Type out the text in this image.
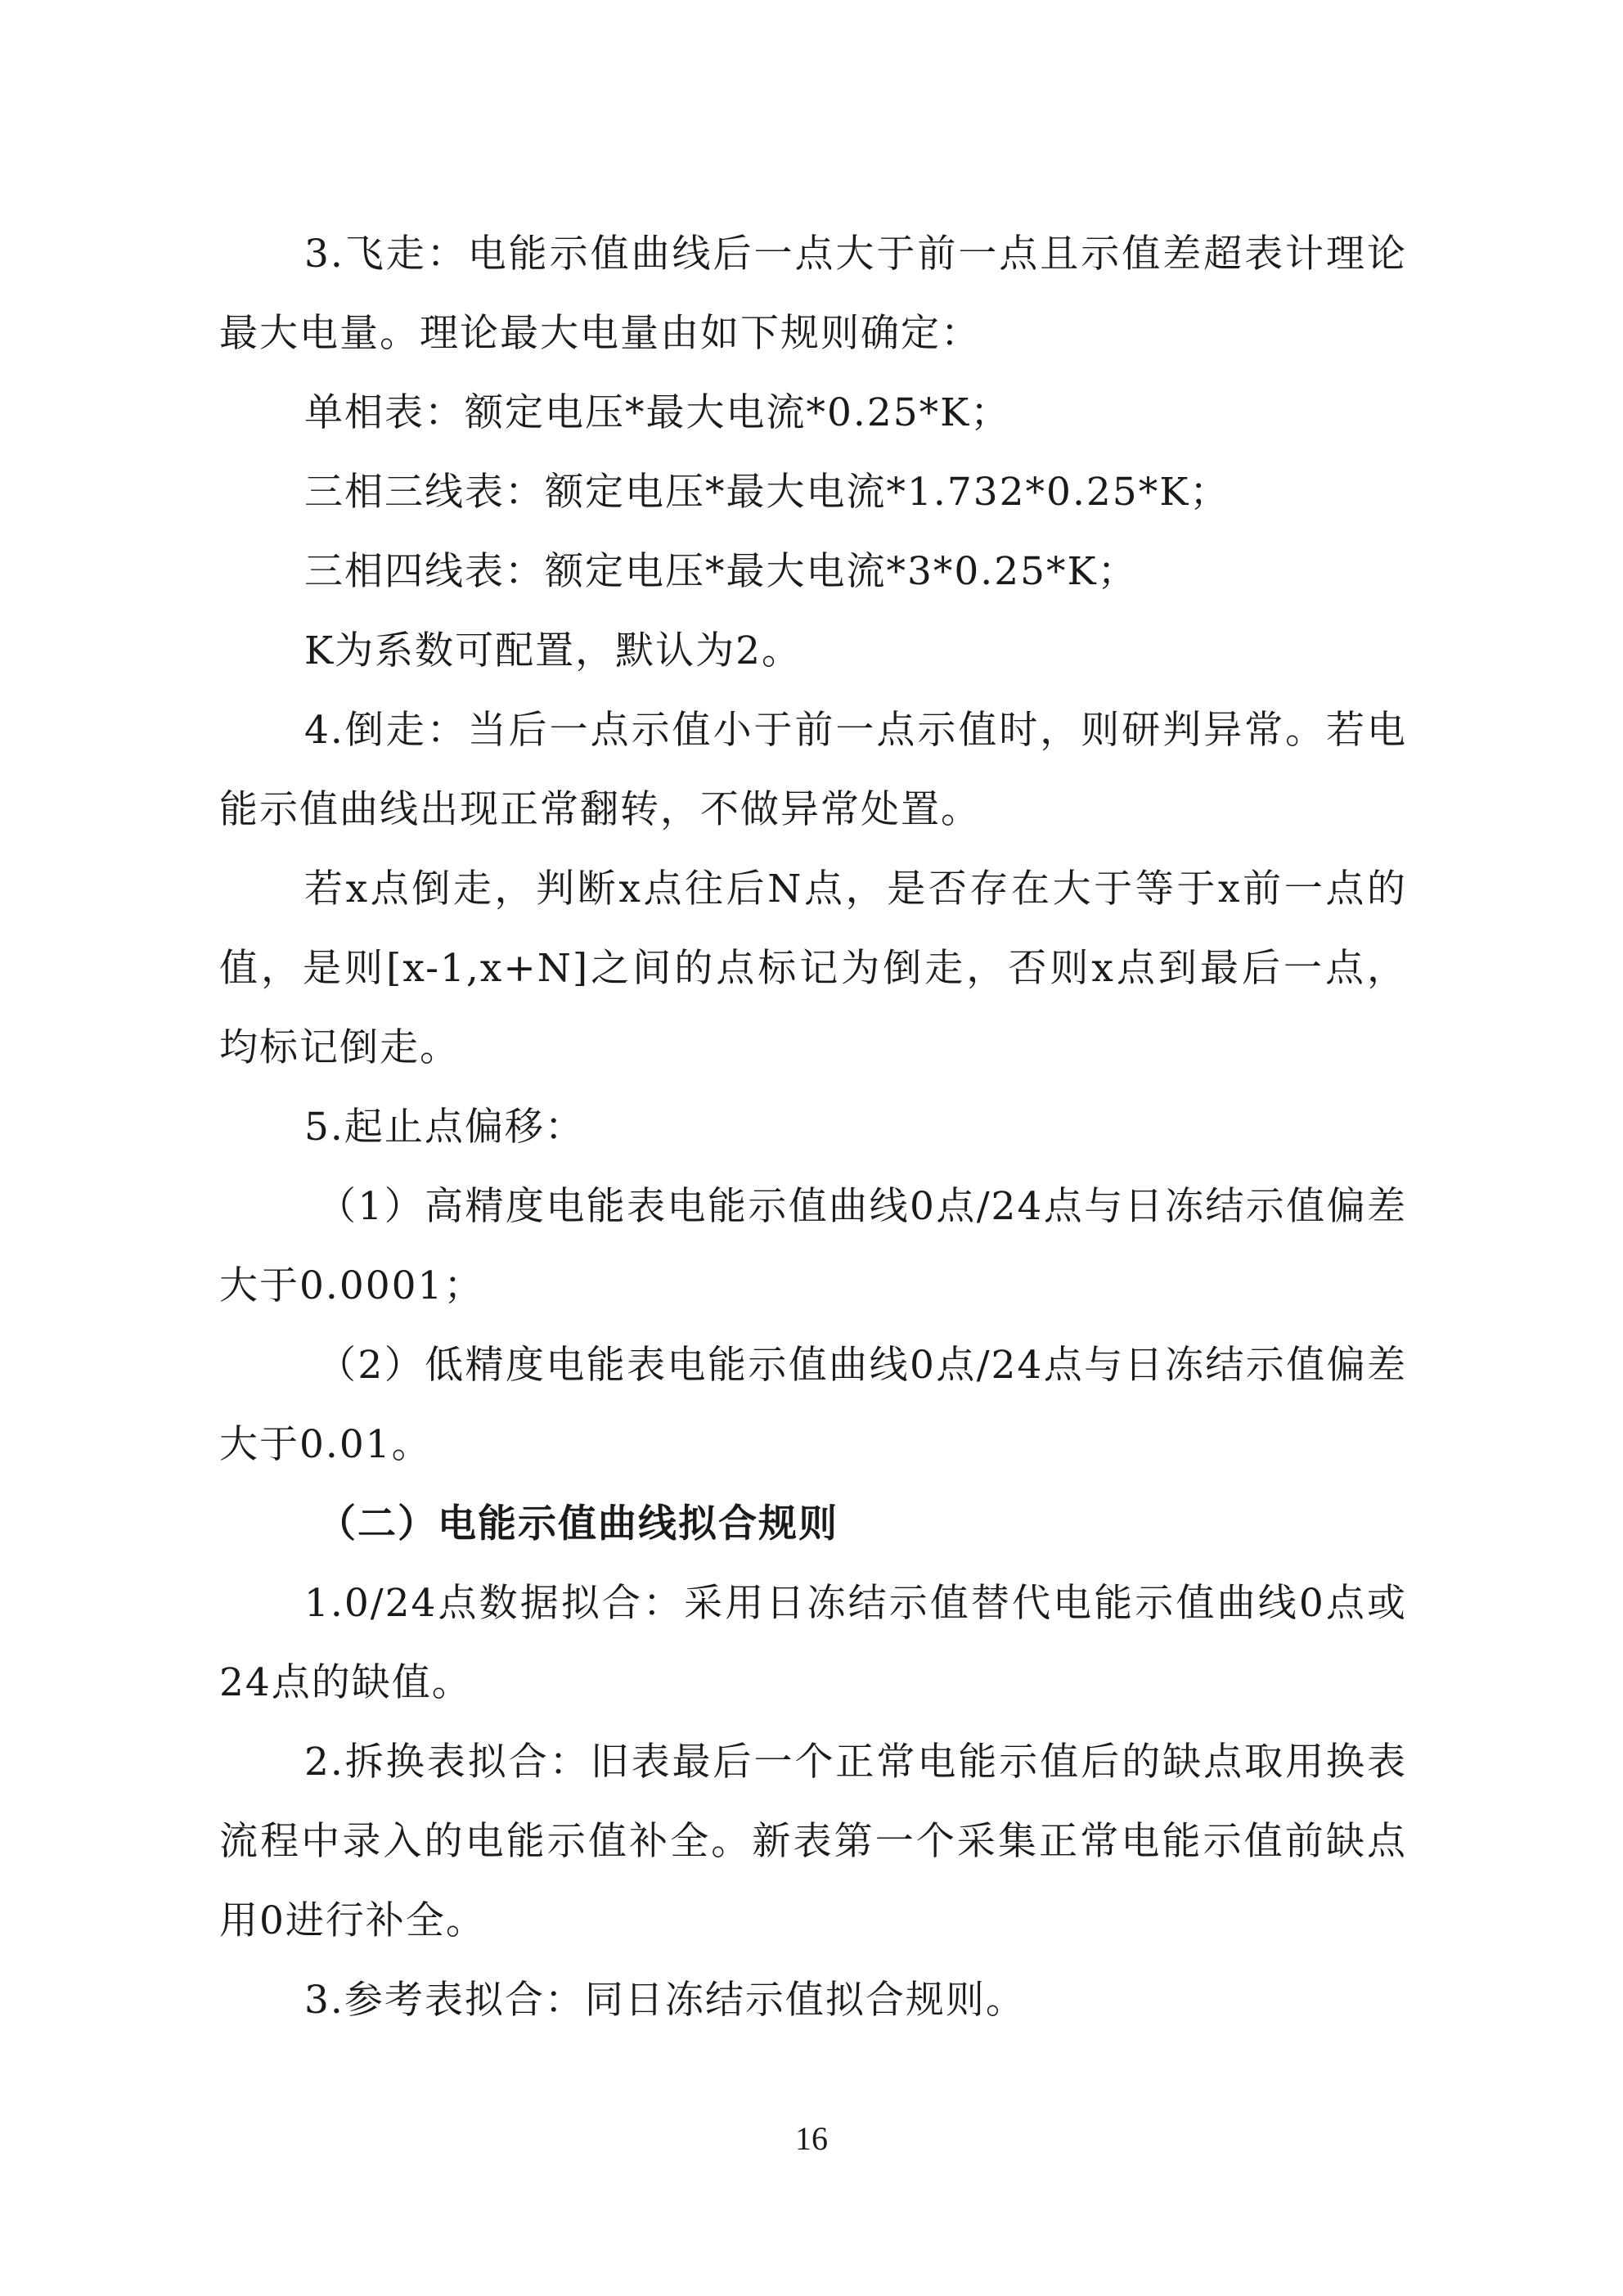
3.飞走：电能示值曲线后一点大于前一点且示值差超表计理论最大电量。理论最大电量由如下规则确定：

单相表：额定电压*最大电流*0.25*K；

三相三线表：额定电压*最大电流*1.732*0.25*K；

三相四线表：额定电压*最大电流*3*0.25*K；

K为系数可配置，默认为2。

4.倒走：当后一点示值小于前一点示值时，则研判异常。若电能示值曲线出现正常翻转，不做异常处置。

若x点倒走，判断x点往后N点，是否存在大于等于x前一点的值，是则[x-1,x+N]之间的点标记为倒走，否则x点到最后一点，均标记倒走。

5.起止点偏移：

（1）高精度电能表电能示值曲线0点/24点与日冻结示值偏差大于0.0001；

（2）低精度电能表电能示值曲线0点/24点与日冻结示值偏差大于0.01。

（二）电能示值曲线拟合规则

1.0/24点数据拟合：采用日冻结示值替代电能示值曲线0点或24点的缺值。

2.拆换表拟合：旧表最后一个正常电能示值后的缺点取用换表流程中录入的电能示值补全。新表第一个采集正常电能示值前缺点用0进行补全。

3.参考表拟合：同日冻结示值拟合规则。

16
